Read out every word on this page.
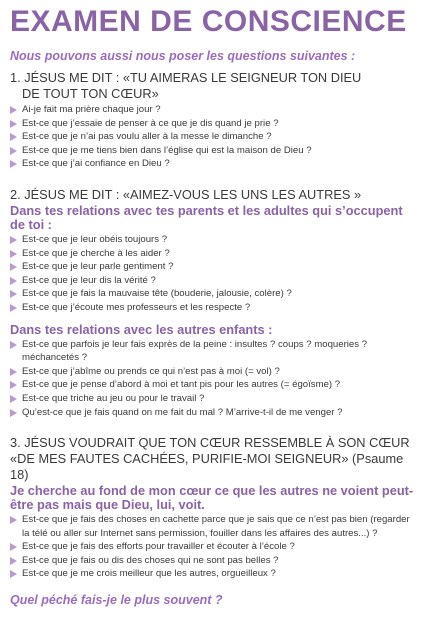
EXAMEN DE CONSCIENCE
Nous pouvons aussi nous poser les questions suivantes :
1. JÉSUS ME DIT : «TU AIMERAS LE SEIGNEUR TON DIEU
DE TOUT TON CŒUR»
Ai-je fait ma prière chaque jour ?
Est-ce que j’essaie de penser à ce que je dis quand je prie ?
Est-ce que je n’ai pas voulu aller à la messe le dimanche ?
Est-ce que je me tiens bien dans l’église qui est la maison de Dieu ?
Est-ce que j’ai confiance en Dieu ?
2. JÉSUS ME DIT : «AIMEZ-VOUS LES UNS LES AUTRES »
Dans tes relations avec tes parents et les adultes qui s’occupent de toi :
Est-ce que je leur obéis toujours ?
Est-ce que je cherche à les aider ?
Est-ce que je leur parle gentiment ?
Est-ce que je leur dis la vérité ?
Est-ce que je fais la mauvaise tête (bouderie, jalousie, colère) ?
Est-ce que j’écoute mes professeurs et les respecte ?
Dans tes relations avec les autres enfants :
Est-ce que parfois je leur fais exprès de la peine : insultes ? coups ? moqueries ? méchancetés ?
Est-ce que j’abîme ou prends ce qui n’est pas à moi (= vol) ?
Est-ce que je pense d’abord à moi et tant pis pour les autres (= égoïsme) ?
Est-ce que triche au jeu ou pour le travail ?
Qu’est-ce que je fais quand on me fait du mal ? M’arrive-t-il de me venger ?
3. JÉSUS VOUDRAIT QUE TON CŒUR RESSEMBLE À SON CŒUR
«DE MES FAUTES CACHÉES, PURIFIE-MOI SEIGNEUR» (Psaume 18)
Je cherche au fond de mon cœur ce que les autres ne voient peut-être pas mais que Dieu, lui, voit.
Est-ce que je fais des choses en cachette parce que je sais que ce n’est pas bien (regarder la télé ou aller sur Internet sans permission, fouiller dans les affaires des autres...) ?
Est-ce que je fais des efforts pour travailler et écouter à l’école ?
Est-ce que je fais ou dis des choses qui ne sont pas belles ?
Est-ce que je me crois meilleur que les autres, orgueilleux ?
Quel péché fais-je le plus souvent ?
